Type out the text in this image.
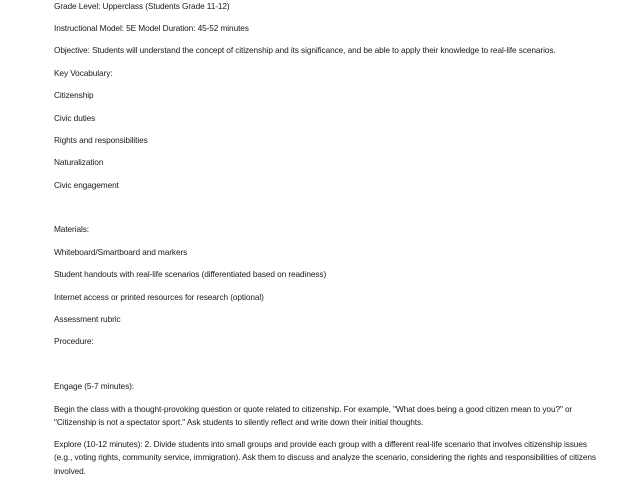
Grade Level: Upperclass (Students Grade 11-12)
Instructional Model: 5E Model Duration: 45-52 minutes
Objective: Students will understand the concept of citizenship and its significance, and be able to apply their knowledge to real-life scenarios.
Key Vocabulary:
Citizenship
Civic duties
Rights and responsibilities
Naturalization
Civic engagement
Materials:
Whiteboard/Smartboard and markers
Student handouts with real-life scenarios (differentiated based on readiness)
Internet access or printed resources for research (optional)
Assessment rubric
Procedure:
Engage (5-7 minutes):
Begin the class with a thought-provoking question or quote related to citizenship. For example, "What does being a good citizen mean to you?" or
"Citizenship is not a spectator sport." Ask students to silently reflect and write down their initial thoughts.
Explore (10-12 minutes): 2. Divide students into small groups and provide each group with a different real-life scenario that involves citizenship issues
(e.g., voting rights, community service, immigration). Ask them to discuss and analyze the scenario, considering the rights and responsibilities of citizens
involved.
